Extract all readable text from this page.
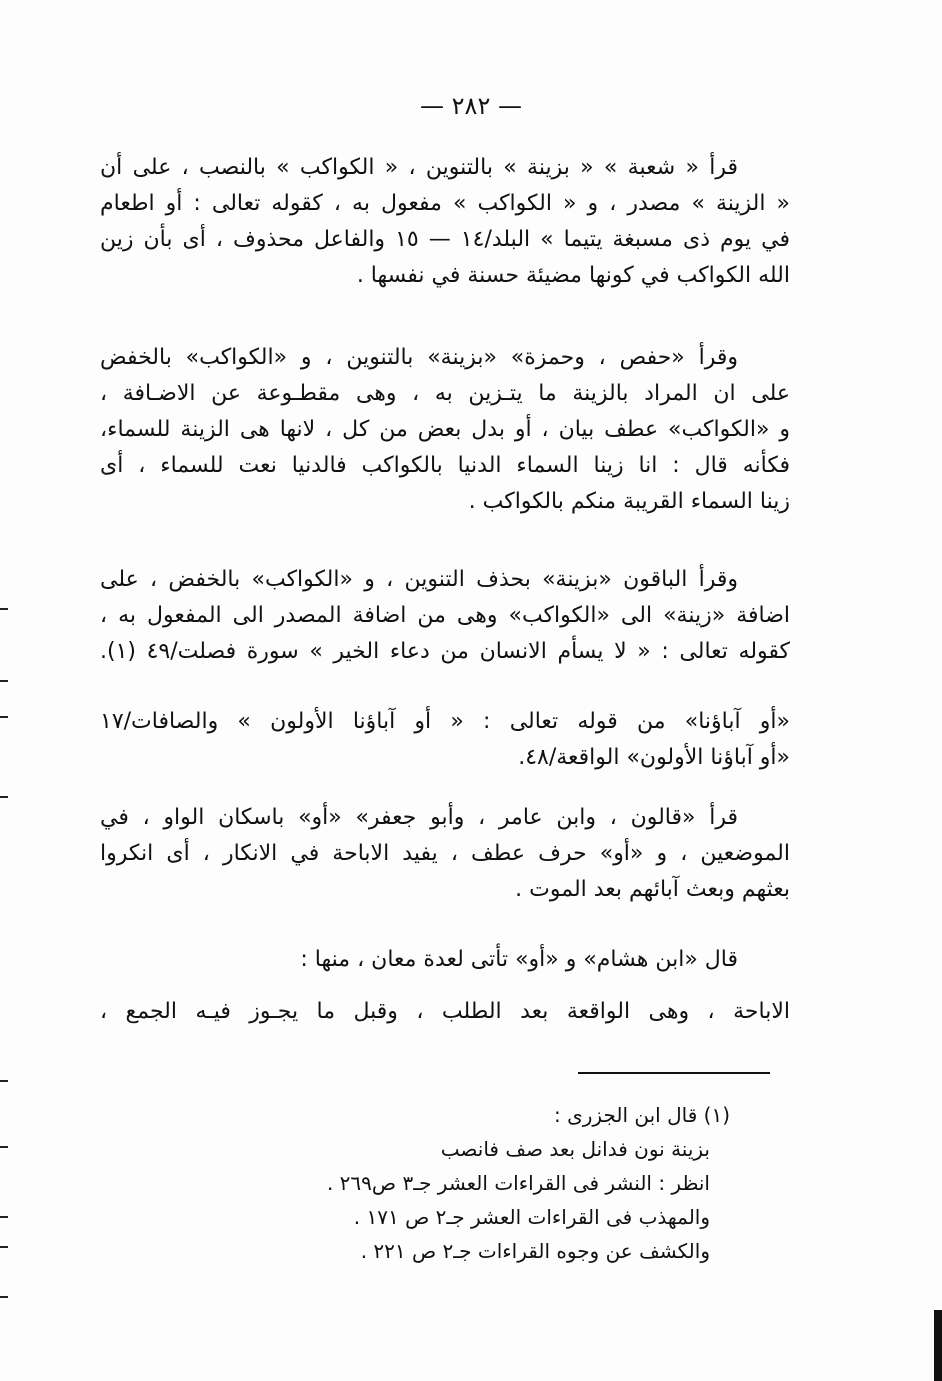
— ٢٨٢ —
قرأ « شعبة » « بزينة » بالتنوين ، « الكواكب » بالنصب ، على أن
« الزينة » مصدر ، و « الكواكب » مفعول به ، كقوله تعالى : أو اطعام
في يوم ذى مسبغة يتيما » البلد/١٤ — ١٥ والفاعل محذوف ، أى بأن زين
الله الكواكب في كونها مضيئة حسنة في نفسها .
وقرأ «حفص ، وحمزة» «بزينة» بالتنوين ، و «الكواكب» بالخفض
على ان المراد بالزينة ما يتـزين به ، وهى مقطـوعة عن الاضـافة ،
و «الكواكب» عطف بيان ، أو بدل بعض من كل ، لانها هى الزينة للسماء،
فكأنه قال : انا زينا السماء الدنيا بالكواكب فالدنيا نعت للسماء ، أى
زينا السماء القريبة منكم بالكواكب .
وقرأ الباقون «بزينة» بحذف التنوين ، و «الكواكب» بالخفض ، على
اضافة «زينة» الى «الكواكب» وهى من اضافة المصدر الى المفعول به ،
كقوله تعالى : « لا يسأم الانسان من دعاء الخير » سورة فصلت/٤٩ (١).
«أو آباؤنا» من قوله تعالى : « أو آباؤنا الأولون » والصافات/١٧
«أو آباؤنا الأولون» الواقعة/٤٨.
قرأ «قالون ، وابن عامر ، وأبو جعفر» «أو» باسكان الواو ، في
الموضعين ، و «أو» حرف عطف ، يفيد الاباحة في الانكار ، أى انكروا
بعثهم وبعث آبائهم بعد الموت .
قال «ابن هشام» و «أو» تأتى لعدة معان ، منها :
الاباحة ، وهى الواقعة بعد الطلب ، وقبل ما يجـوز فيـه الجمع ،
(١) قال ابن الجزرى :
بزينة نون فدانل بعد صف فانصب
انظر : النشر فى القراءات العشر جـ٣ ص٢٦٩ .
والمهذب فى القراءات العشر جـ٢ ص ١٧١ .
والكشف عن وجوه القراءات جـ٢ ص ٢٢١ .
